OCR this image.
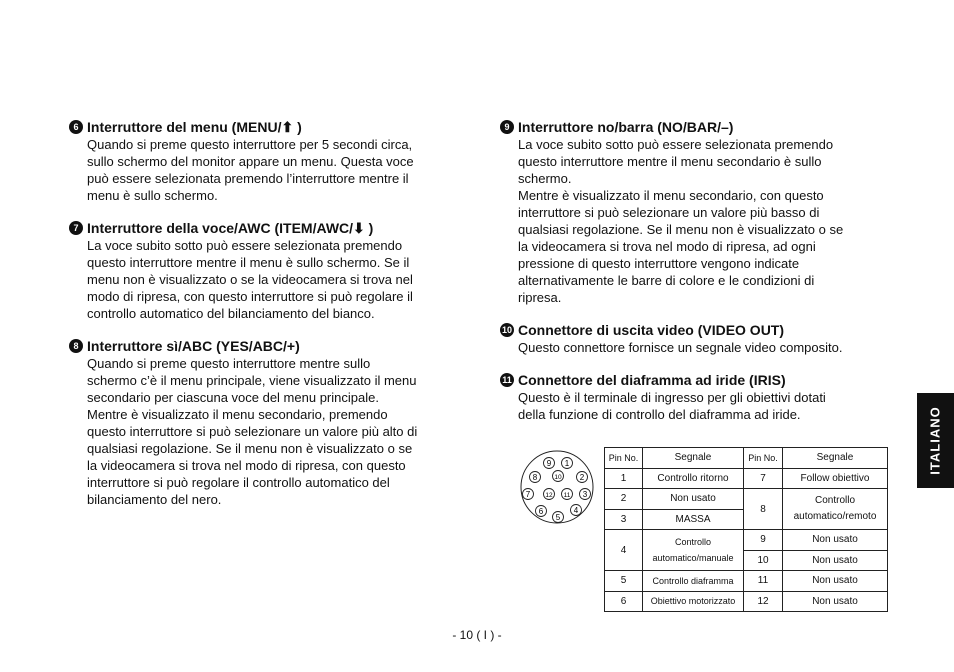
6 Interruttore del menu (MENU/⬆ )
Quando si preme questo interruttore per 5 secondi circa,
sullo schermo del monitor appare un menu. Questa voce
può essere selezionata premendo l’interruttore mentre il
menu è sullo schermo.
7 Interruttore della voce/AWC (ITEM/AWC/⬇ )
La voce subito sotto può essere selezionata premendo
questo interruttore mentre il menu è sullo schermo. Se il
menu non è visualizzato o se la videocamera si trova nel
modo di ripresa, con questo interruttore si può regolare il
controllo automatico del bilanciamento del bianco.
8 Interruttore sì/ABC (YES/ABC/+)
Quando si preme questo interruttore mentre sullo
schermo c’è il menu principale, viene visualizzato il menu
secondario per ciascuna voce del menu principale.
Mentre è visualizzato il menu secondario, premendo
questo interruttore si può selezionare un valore più alto di
qualsiasi regolazione. Se il menu non è visualizzato o se
la videocamera si trova nel modo di ripresa, con questo
interruttore si può regolare il controllo automatico del
bilanciamento del nero.
9 Interruttore no/barra (NO/BAR/–)
La voce subito sotto può essere selezionata premendo
questo interruttore mentre il menu secondario è sullo
schermo.
Mentre è visualizzato il menu secondario, con questo
interruttore si può selezionare un valore più basso di
qualsiasi regolazione. Se il menu non è visualizzato o se
la videocamera si trova nel modo di ripresa, ad ogni
pressione di questo interruttore vengono indicate
alternativamente le barre di colore e le condizioni di
ripresa.
10 Connettore di uscita video (VIDEO OUT)
Questo connettore fornisce un segnale video composito.
11 Connettore del diaframma ad iride (IRIS)
Questo è il terminale di ingresso per gli obiettivi dotati
della funzione di controllo del diaframma ad iride.
1
2
3
4
5
6
7
8
9
10
11
12
Pin No.	Segnale	Pin No.	Segnale
1	Controllo ritorno	7	Follow obiettivo
2	Non usato	8	Controllo automatico/remoto
3	MASSA		
4	Controllo automatico/manuale	9	Non usato
		10	Non usato
5	Controllo diaframma	11	Non usato
6	Obiettivo motorizzato	12	Non usato
ITALIANO
- 10 ( I ) -
